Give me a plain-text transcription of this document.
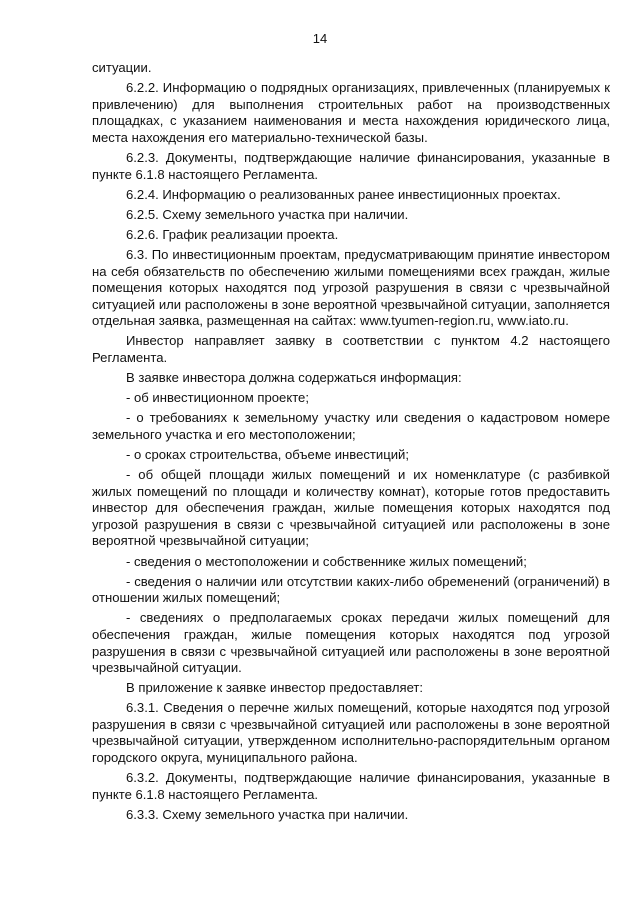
14

ситуации.

6.2.2. Информацию о подрядных организациях, привлеченных (планируемых к привлечению) для выполнения строительных работ на производственных площадках, с указанием наименования и места нахождения юридического лица, места нахождения его материально-технической базы.

6.2.3. Документы, подтверждающие наличие финансирования, указанные в пункте 6.1.8 настоящего Регламента.

6.2.4. Информацию о реализованных ранее инвестиционных проектах.

6.2.5. Схему земельного участка при наличии.

6.2.6. График реализации проекта.

6.3. По инвестиционным проектам, предусматривающим принятие инвестором на себя обязательств по обеспечению жилыми помещениями всех граждан, жилые помещения которых находятся под угрозой разрушения в связи с чрезвычайной ситуацией или расположены в зоне вероятной чрезвычайной ситуации, заполняется отдельная заявка, размещенная на сайтах: www.tyumen-region.ru, www.iato.ru.

Инвестор направляет заявку в соответствии с пунктом 4.2 настоящего Регламента.

В заявке инвестора должна содержаться информация:

- об инвестиционном проекте;

- о требованиях к земельному участку или сведения о кадастровом номере земельного участка и его местоположении;

- о сроках строительства, объеме инвестиций;

- об общей площади жилых помещений и их номенклатуре (с разбивкой жилых помещений по площади и количеству комнат), которые готов предоставить инвестор для обеспечения граждан, жилые помещения которых находятся под угрозой разрушения в связи с чрезвычайной ситуацией или расположены в зоне вероятной чрезвычайной ситуации;

- сведения о местоположении и собственнике жилых помещений;

- сведения о наличии или отсутствии каких-либо обременений (ограничений) в отношении жилых помещений;

- сведениях о предполагаемых сроках передачи жилых помещений для обеспечения граждан, жилые помещения которых находятся под угрозой разрушения в связи с чрезвычайной ситуацией или расположены в зоне вероятной чрезвычайной ситуации.

В приложение к заявке инвестор предоставляет:

6.3.1. Сведения о перечне жилых помещений, которые находятся под угрозой разрушения в связи с чрезвычайной ситуацией или расположены в зоне вероятной чрезвычайной ситуации, утвержденном исполнительно-распорядительным органом городского округа, муниципального района.

6.3.2. Документы, подтверждающие наличие финансирования, указанные в пункте 6.1.8 настоящего Регламента.

6.3.3. Схему земельного участка при наличии.
